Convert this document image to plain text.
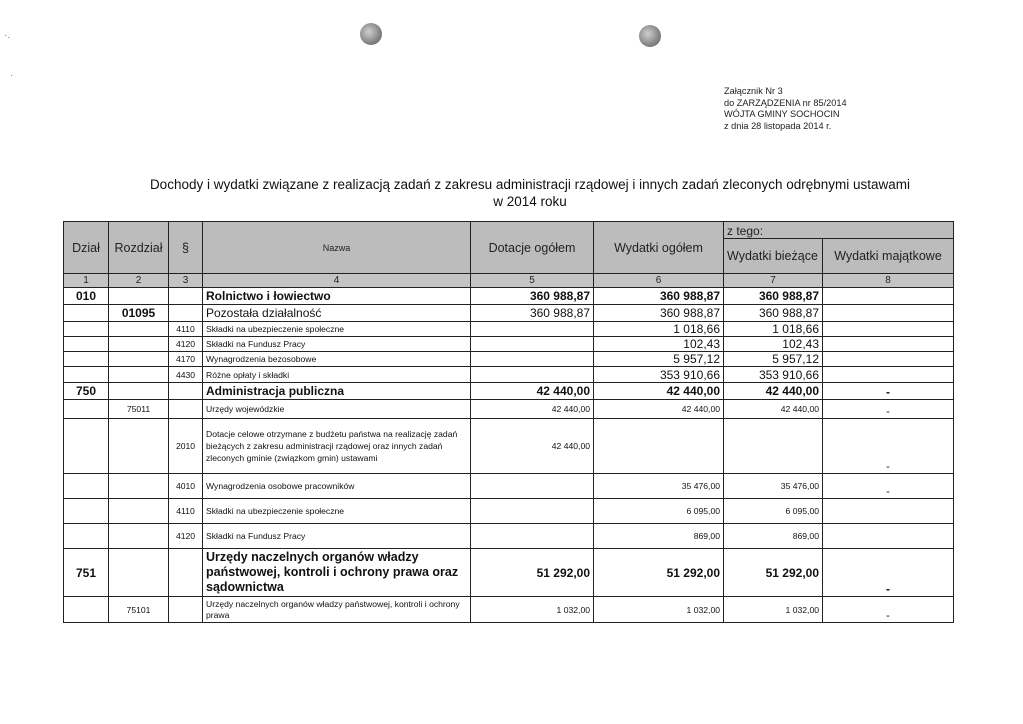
·.
·
Załącznik Nr 3
do ZARZĄDZENIA nr 85/2014
WÓJTA GMINY SOCHOCIN
z dnia 28 listopada 2014 r.
Dochody i wydatki związane z realizacją zadań z zakresu administracji rządowej i innych zadań zleconych odrębnymi ustawami
w 2014 roku
Dział	Rozdział	§	Nazwa	Dotacje ogółem	Wydatki ogółem	z tego:	
						Wydatki bieżące	Wydatki majątkowe
1	2	3	4	5	6	7	8
010			Rolnictwo i łowiectwo	360 988,87	360 988,87	360 988,87	
	01095		Pozostała działalność	360 988,87	360 988,87	360 988,87	
		4110	Składki na ubezpieczenie społeczne		1 018,66	1 018,66	
		4120	Składki na Fundusz Pracy		102,43	102,43	
		4170	Wynagrodzenia bezosobowe		5 957,12	5 957,12	
		4430	Różne opłaty i składki		353 910,66	353 910,66	
750			Administracja publiczna	42 440,00	42 440,00	42 440,00	-
	75011		Urzędy wojewódzkie	42 440,00	42 440,00	42 440,00	-
		2010	Dotacje celowe otrzymane z budżetu państwa na realizację zadań bieżących z zakresu administracji rządowej oraz innych zadań zleconych gminie (związkom gmin) ustawami	42 440,00			-
		4010	Wynagrodzenia osobowe pracowników		35 476,00	35 476,00	-
		4110	Składki na ubezpieczenie społeczne		6 095,00	6 095,00	
		4120	Składki na Fundusz Pracy		869,00	869,00	
751			Urzędy naczelnych organów władzy państwowej, kontroli i ochrony prawa oraz sądownictwa	51 292,00	51 292,00	51 292,00	-
	75101		Urzędy naczelnych organów władzy państwowej, kontroli i ochrony prawa	1 032,00	1 032,00	1 032,00	-
